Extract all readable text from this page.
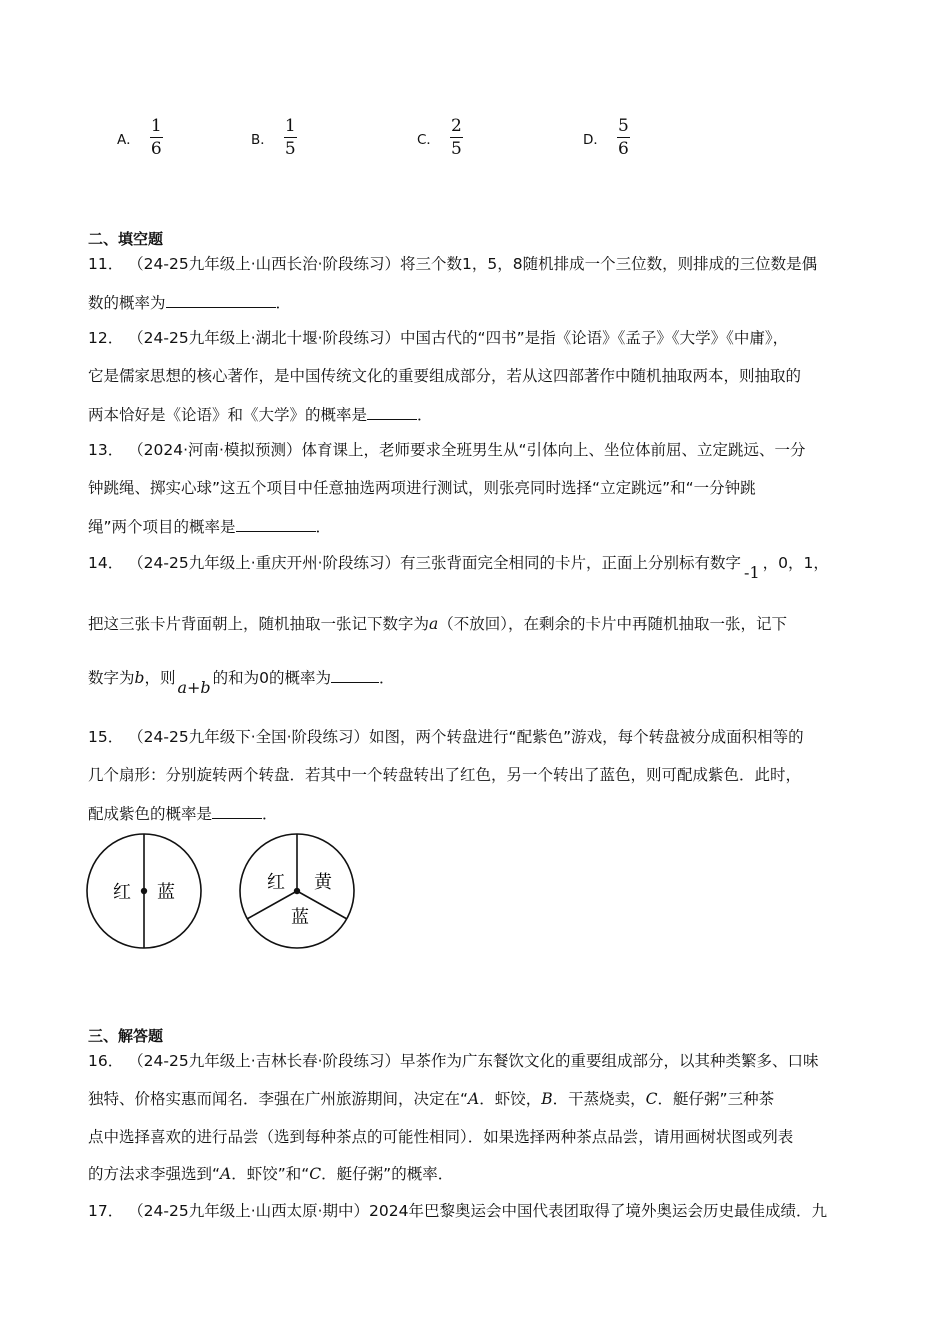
A． $\frac{1}{6}$	B． $\frac{1}{5}$	C． $\frac{2}{5}$	D． $\frac{5}{6}$
二、填空题
11． （24-25九年级上·山西长治·阶段练习）将三个数1，5，8随机排成一个三位数，则排成的三位数是偶
数的概率为	．
12． （24-25九年级上·湖北十堰·阶段练习）中国古代的“四书”是指《论语》《孟子》《大学》《中庸》，
它是儒家思想的核心著作，是中国传统文化的重要组成部分，若从这四部著作中随机抽取两本，则抽取的
两本恰好是《论语》和《大学》的概率是	．
13． （2024·河南·模拟预测）体育课上，老师要求全班男生从“引体向上、坐位体前屈、立定跳远、一分
钟跳绳、掷实心球”这五个项目中任意抽选两项进行测试，则张亮同时选择“立定跳远”和“一分钟跳
绳”两个项目的概率是	．
14． （24-25九年级上·重庆开州·阶段练习）有三张背面完全相同的卡片，正面上分别标有数字 -1 ，0，1，
把这三张卡片背面朝上，随机抽取一张记下数字为a（不放回），在剩余的卡片中再随机抽取一张，记下
数字为b，则 a+b 的和为0的概率为	．
15． （24-25九年级下·全国·阶段练习）如图，两个转盘进行“配紫色”游戏，每个转盘被分成面积相等的
几个扇形：分别旋转两个转盘．若其中一个转盘转出了红色，另一个转出了蓝色，则可配成紫色．此时，
配成紫色的概率是	．
红 蓝	红 黄
蓝
三、解答题
16． （24-25九年级上·吉林长春·阶段练习）早茶作为广东餐饮文化的重要组成部分，以其种类繁多、口味
独特、价格实惠而闻名．李强在广州旅游期间，决定在“A．虾饺，B．干蒸烧卖，C．艇仔粥”三种茶
点中选择喜欢的进行品尝（选到每种茶点的可能性相同）．如果选择两种茶点品尝，请用画树状图或列表
的方法求李强选到“A．虾饺”和“C．艇仔粥”的概率．
17． （24-25九年级上·山西太原·期中）2024年巴黎奥运会中国代表团取得了境外奥运会历史最佳成绩．九
